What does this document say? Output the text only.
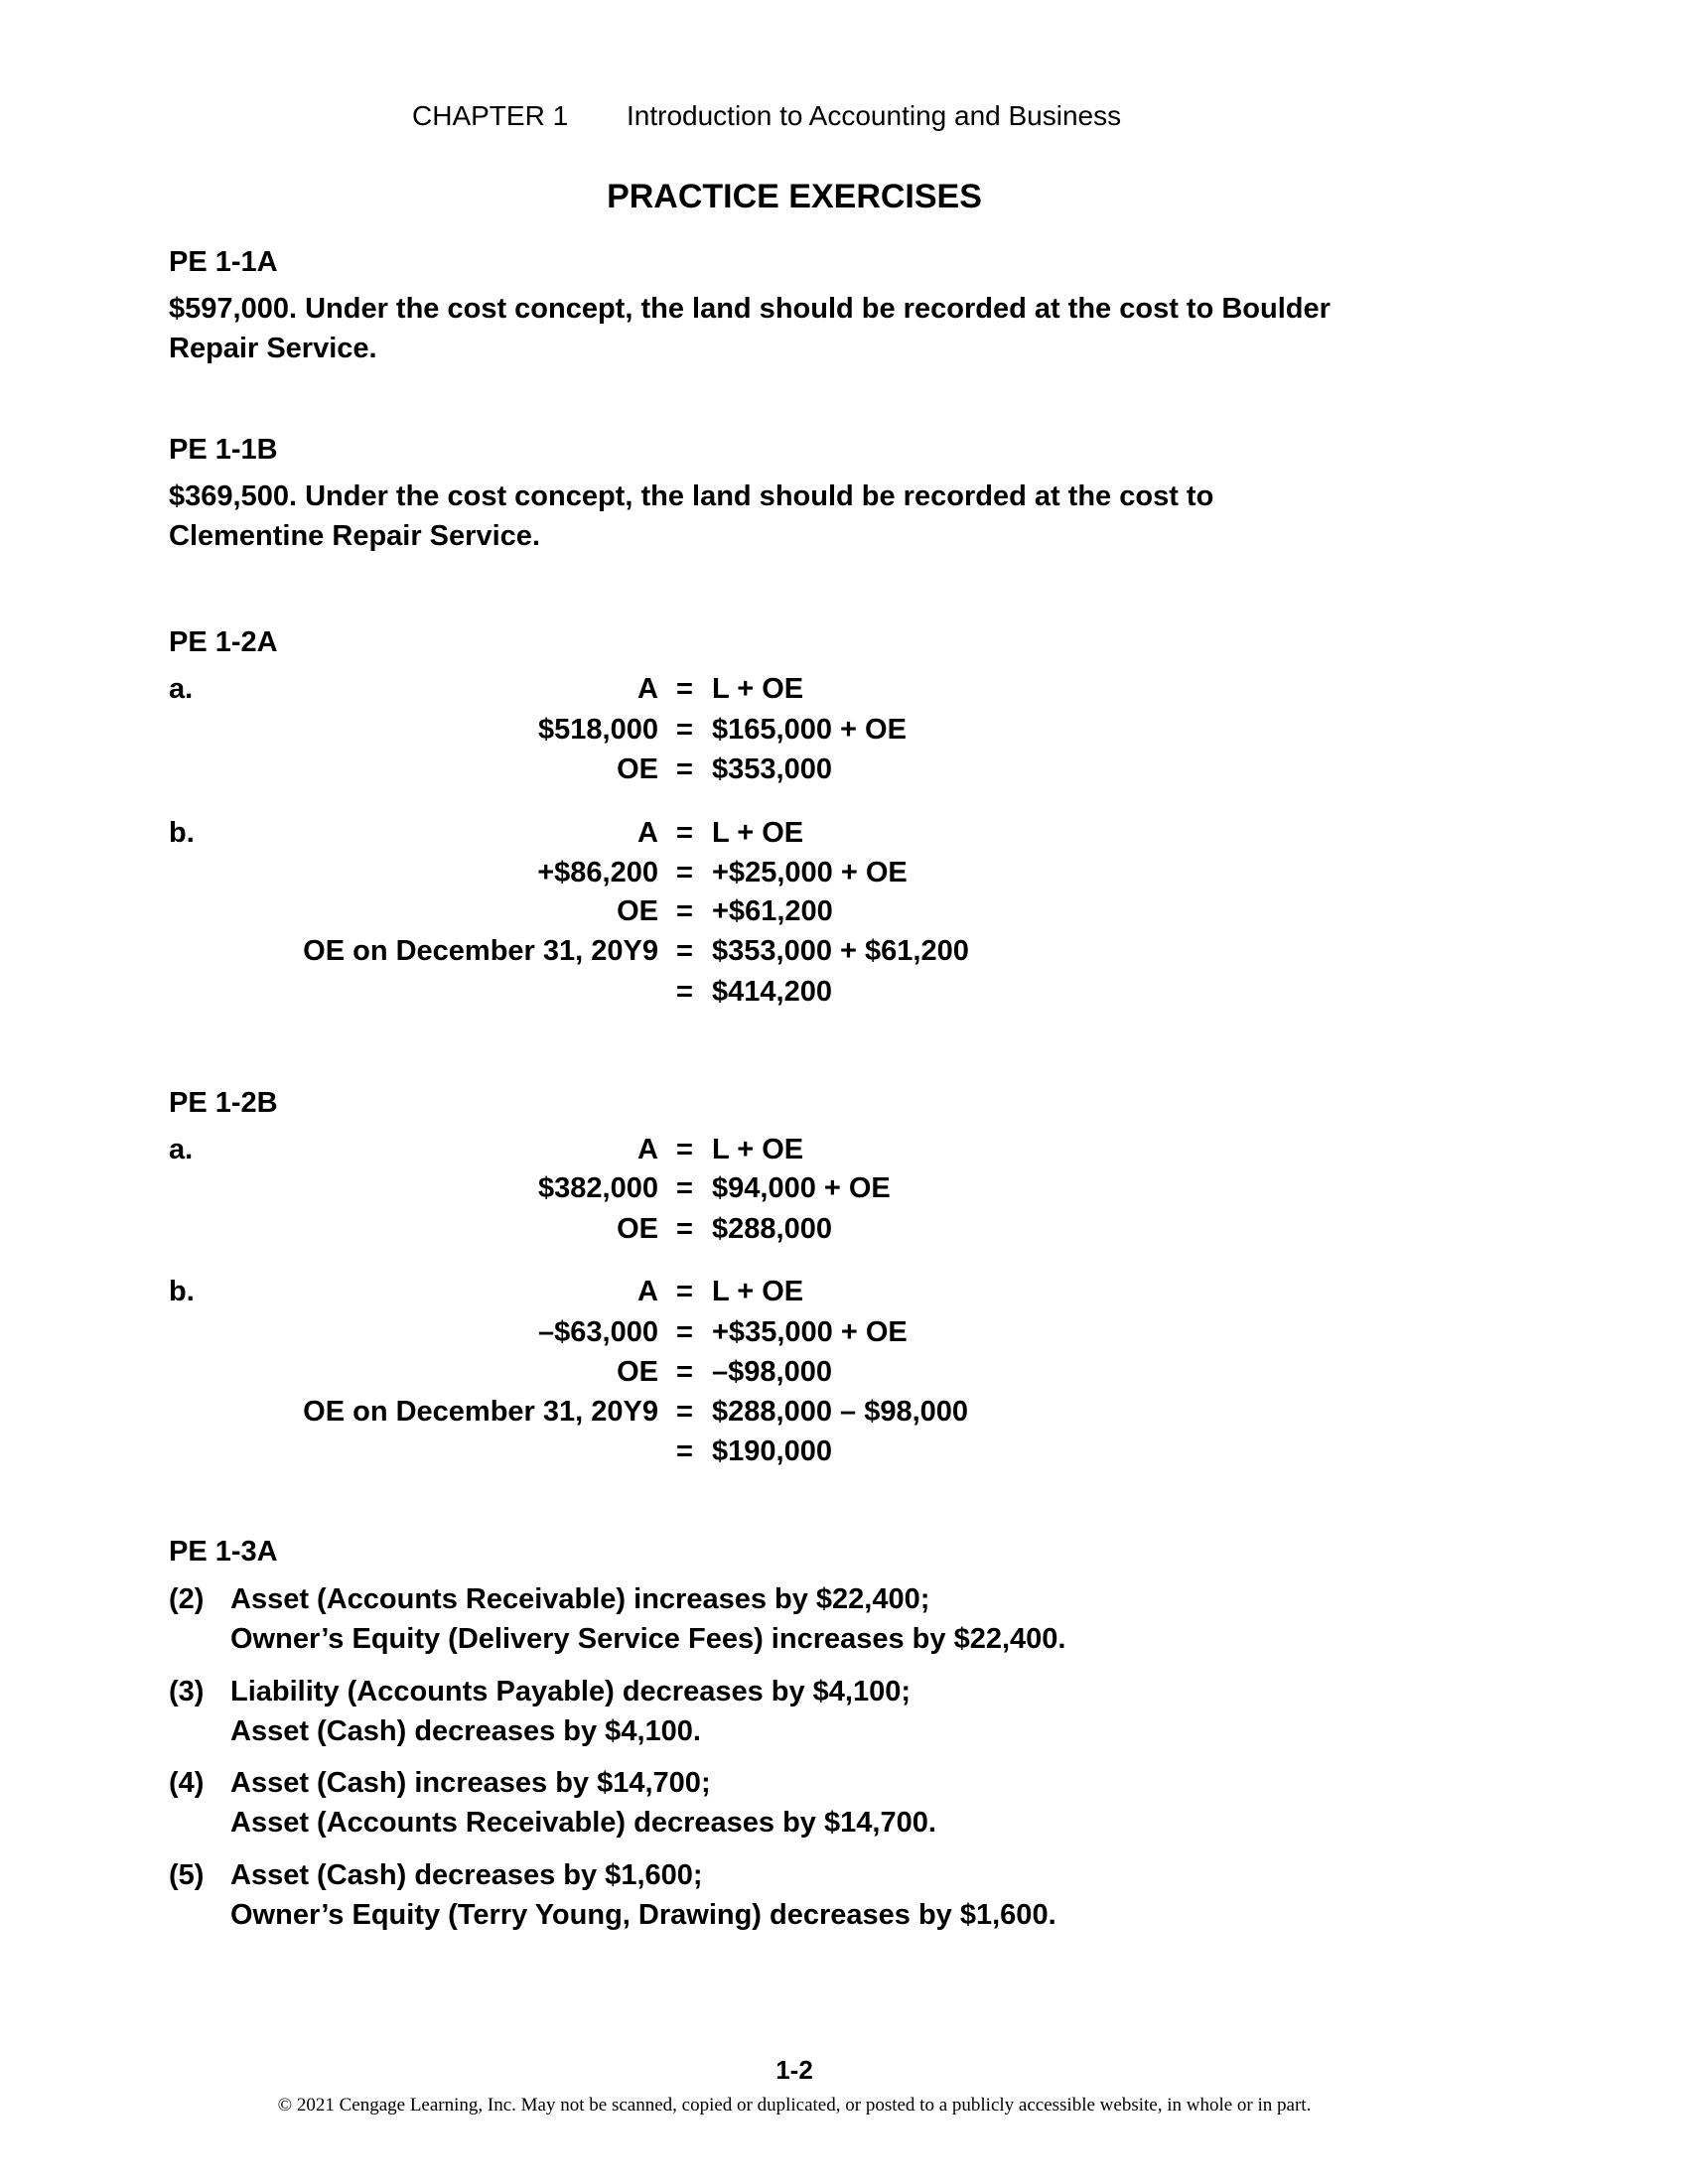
CHAPTER 1 Introduction to Accounting and Business
PRACTICE EXERCISES
PE 1-1A
$597,000. Under the cost concept, the land should be recorded at the cost to Boulder
Repair Service.
PE 1-1B
$369,500. Under the cost concept, the land should be recorded at the cost to
Clementine Repair Service.
PE 1-2A
PE 1-2B
PE 1-3A
a.	A = L + OE
$518,000 = $165,000 + OE
OE = $353,000
b.	A = L + OE
+$86,200 = +$25,000 + OE
OE = +$61,200
OE on December 31, 20Y9 = $353,000 + $61,200
= $414,200
a.	A = L + OE
$382,000 = $94,000 + OE
OE = $288,000
b.	A = L + OE
–$63,000 = +$35,000 + OE
OE = –$98,000
OE on December 31, 20Y9 = $288,000 – $98,000
= $190,000
(2) Asset (Accounts Receivable) increases by $22,400;
Owner’s Equity (Delivery Service Fees) increases by $22,400.
(3) Liability (Accounts Payable) decreases by $4,100;
Asset (Cash) decreases by $4,100.
(4) Asset (Cash) increases by $14,700;
Asset (Accounts Receivable) decreases by $14,700.
(5) Asset (Cash) decreases by $1,600;
Owner’s Equity (Terry Young, Drawing) decreases by $1,600.
1-2
© 2021 Cengage Learning, Inc. May not be scanned, copied or duplicated, or posted to a publicly accessible website, in whole or in part.
